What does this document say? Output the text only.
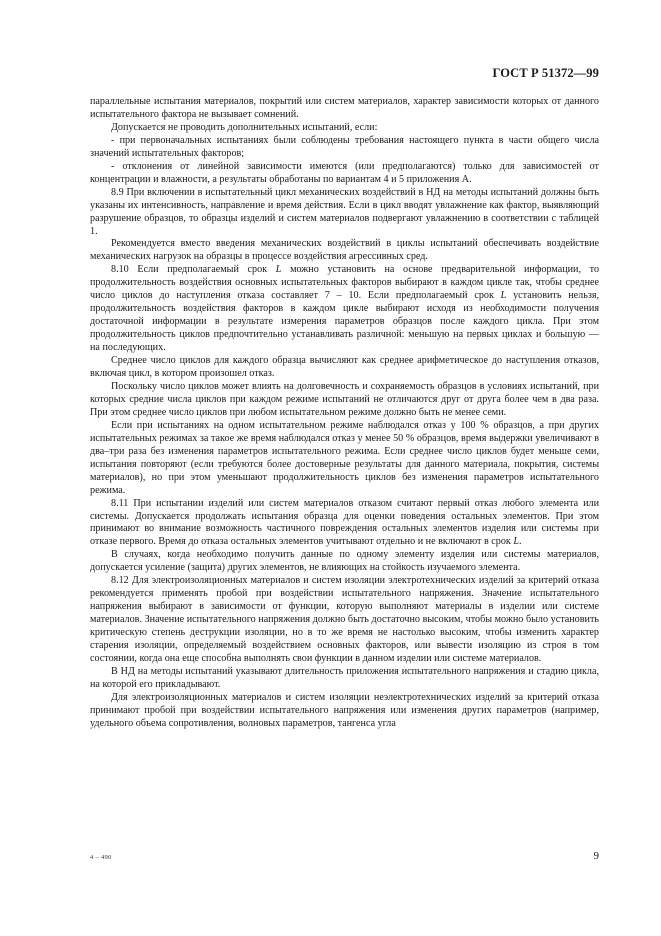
ГОСТ Р 51372—99

параллельные испытания материалов, покрытий или систем материалов, характер зависимости которых от данного испытательного фактора не вызывает сомнений.

Допускается не проводить дополнительных испытаний, если:

- при первоначальных испытаниях были соблюдены требования настоящего пункта в части общего числа значений испытательных факторов;

- отклонения от линейной зависимости имеются (или предполагаются) только для зависимостей от концентрации и влажности, а результаты обработаны по вариантам 4 и 5 приложения А.

8.9 При включении в испытательный цикл механических воздействий в НД на методы испытаний должны быть указаны их интенсивность, направление и время действия. Если в цикл вводят увлажнение как фактор, выявляющий разрушение образцов, то образцы изделий и систем материалов подвергают увлажнению в соответствии с таблицей 1.

Рекомендуется вместо введения механических воздействий в циклы испытаний обеспечивать воздействие механических нагрузок на образцы в процессе воздействия агрессивных сред.

8.10 Если предполагаемый срок L можно установить на основе предварительной информации, то продолжительность воздействия основных испытательных факторов выбирают в каждом цикле так, чтобы среднее число циклов до наступления отказа составляет 7 – 10. Если предполагаемый срок L установить нельзя, продолжительность воздействия факторов в каждом цикле выбирают исходя из необходимости получения достаточной информации в результате измерения параметров образцов после каждого цикла. При этом продолжительность циклов предпочтительно устанавливать различной: меньшую на первых циклах и большую — на последующих.

Среднее число циклов для каждого образца вычисляют как среднее арифметическое до наступления отказов, включая цикл, в котором произошел отказ.

Поскольку число циклов может влиять на долговечность и сохраняемость образцов в условиях испытаний, при которых средние числа циклов при каждом режиме испытаний не отличаются друг от друга более чем в два раза. При этом среднее число циклов при любом испытательном режиме должно быть не менее семи.

Если при испытаниях на одном испытательном режиме наблюдался отказ у 100 % образцов, а при других испытательных режимах за такое же время наблюдался отказ у менее 50 % образцов, время выдержки увеличивают в два–три раза без изменения параметров испытательного режима. Если среднее число циклов будет меньше семи, испытания повторяют (если требуются более достоверные результаты для данного материала, покрытия, системы материалов), но при этом уменьшают продолжительность циклов без изменения параметров испытательного режима.

8.11 При испытании изделий или систем материалов отказом считают первый отказ любого элемента или системы. Допускается продолжать испытания образца для оценки поведения остальных элементов. При этом принимают во внимание возможность частичного повреждения остальных элементов изделия или системы при отказе первого. Время до отказа остальных элементов учитывают отдельно и не включают в срок L.

В случаях, когда необходимо получить данные по одному элементу изделия или системы материалов, допускается усиление (защита) других элементов, не влияющих на стойкость изучаемого элемента.

8.12 Для электроизоляционных материалов и систем изоляции электротехнических изделий за критерий отказа рекомендуется применять пробой при воздействии испытательного напряжения. Значение испытательного напряжения выбирают в зависимости от функции, которую выполняют материалы в изделии или системе материалов. Значение испытательного напряжения должно быть достаточно высоким, чтобы можно было установить критическую степень деструкции изоляции, но в то же время не настолько высоким, чтобы изменить характер старения изоляции, определяемый воздействием основных факторов, или вывести изоляцию из строя в том состоянии, когда она еще способна выполнять свои функции в данном изделии или системе материалов.

В НД на методы испытаний указывают длительность приложения испытательного напряжения и стадию цикла, на которой его прикладывают.

Для электроизоляционных материалов и систем изоляции неэлектротехнических изделий за критерий отказа принимают пробой при воздействии испытательного напряжения или изменения других параметров (например, удельного объема сопротивления, волновых параметров, тангенса угла

4 – 490	9
